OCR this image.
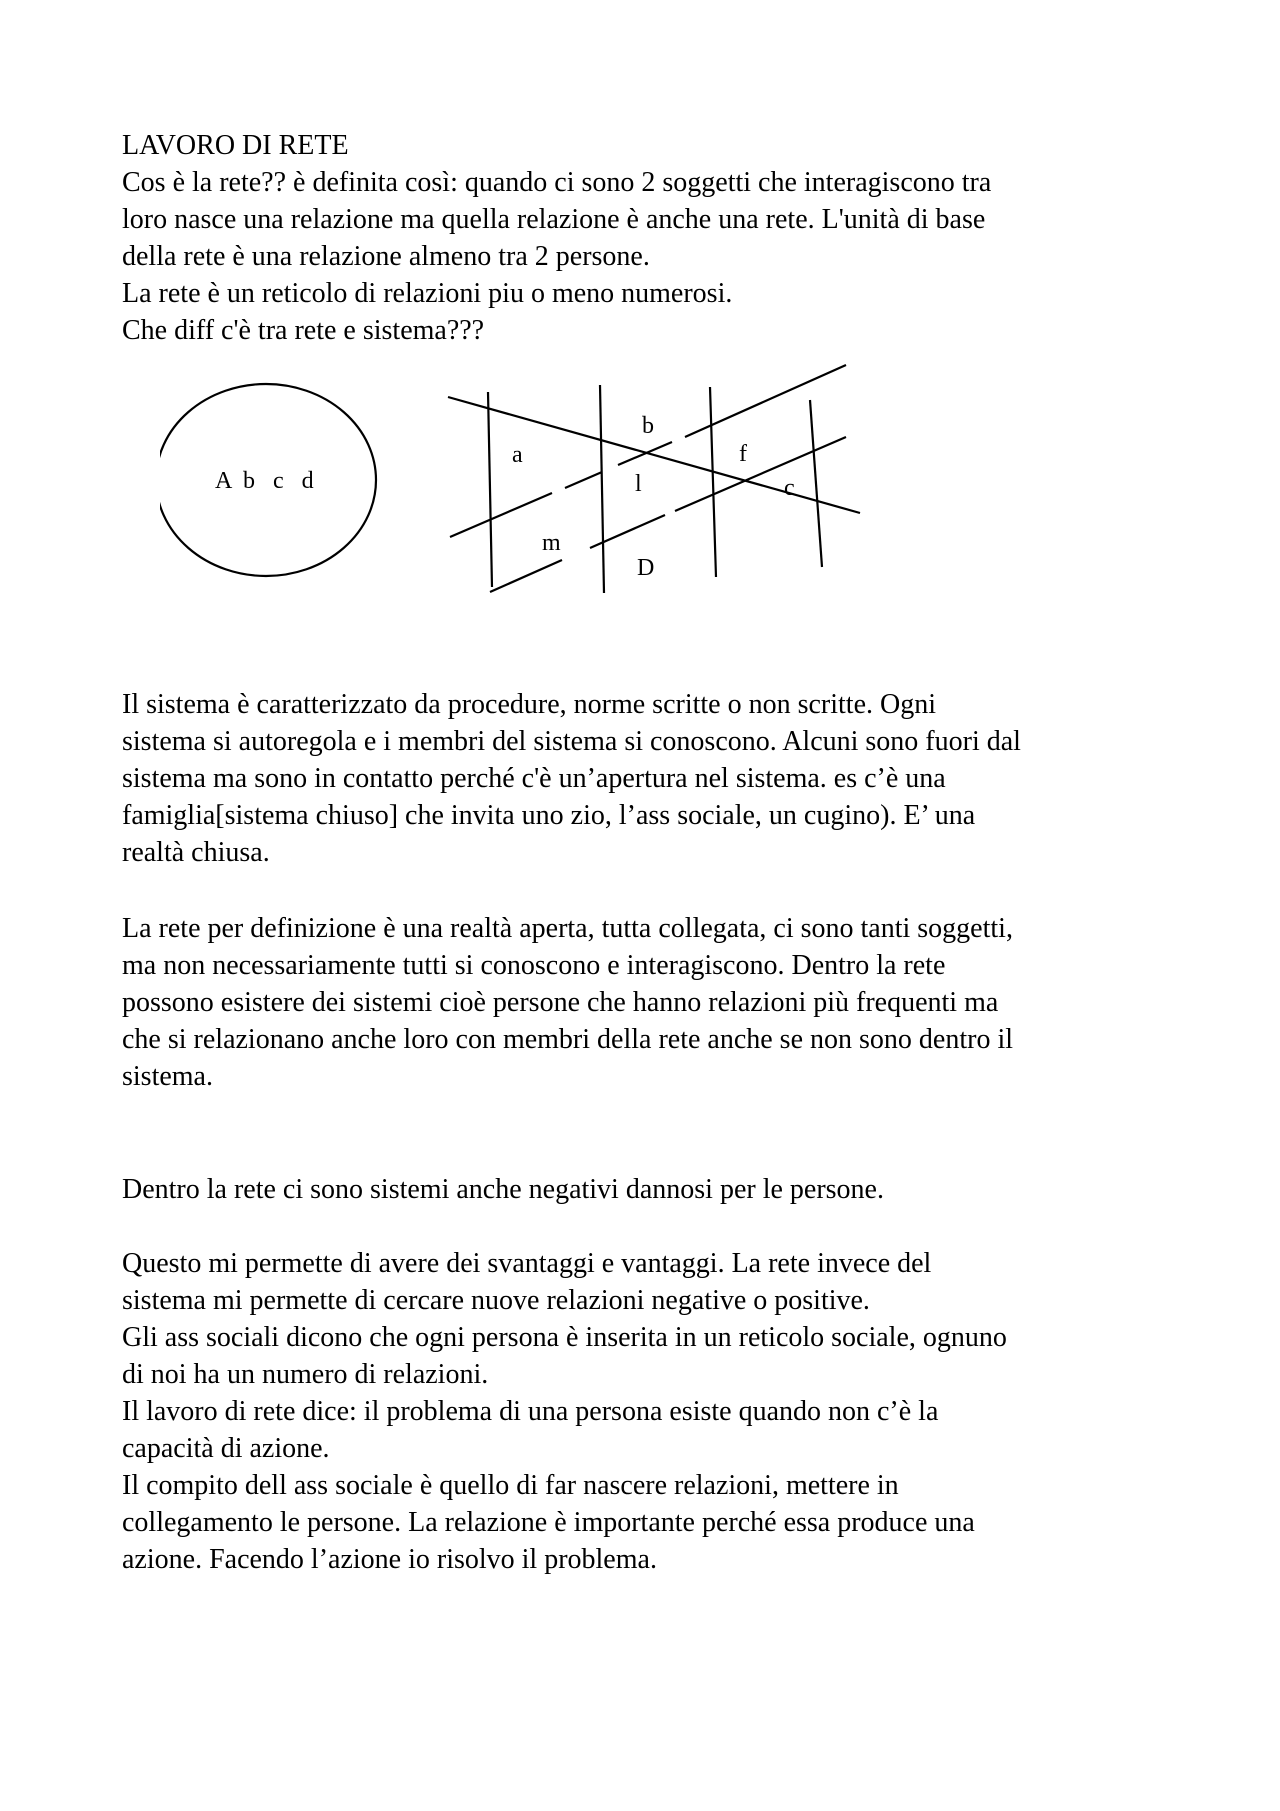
LAVORO DI RETE

Cos è la rete?? è definita così: quando ci sono 2 soggetti che interagiscono tra

loro nasce una relazione ma quella relazione è anche una rete. L'unità di base

della rete è una relazione almeno tra 2 persone.

La rete è un reticolo di relazioni piu o meno numerosi.

Che diff c'è tra rete e sistema???

A  b   c   d
a
b
f
c
l
m
D

Il sistema è caratterizzato da procedure, norme scritte o non scritte. Ogni

sistema si autoregola e i membri del sistema si conoscono. Alcuni sono fuori dal

sistema ma sono in contatto perché c'è un’apertura nel sistema. es c’è una

famiglia[sistema chiuso] che invita uno zio, l’ass sociale, un cugino). E’ una

realtà chiusa.

La rete per definizione è una realtà aperta, tutta collegata, ci sono tanti soggetti,

ma non necessariamente tutti si conoscono e interagiscono. Dentro la rete

possono esistere dei sistemi cioè persone che hanno relazioni più frequenti ma

che si relazionano anche loro con membri della rete anche se non sono dentro il

sistema.

Dentro la rete ci sono sistemi anche negativi dannosi per le persone.

Questo mi permette di avere dei svantaggi e vantaggi. La rete invece del

sistema mi permette di cercare nuove relazioni negative o positive.

Gli ass sociali dicono che ogni persona è inserita in un reticolo sociale, ognuno

di noi ha un numero di relazioni.

Il lavoro di rete dice: il problema di una persona esiste quando non c’è la

capacità di azione.

Il compito dell ass sociale è quello di far nascere relazioni, mettere in

collegamento le persone. La relazione è importante perché essa produce una

azione. Facendo l’azione io risolvo il problema.
